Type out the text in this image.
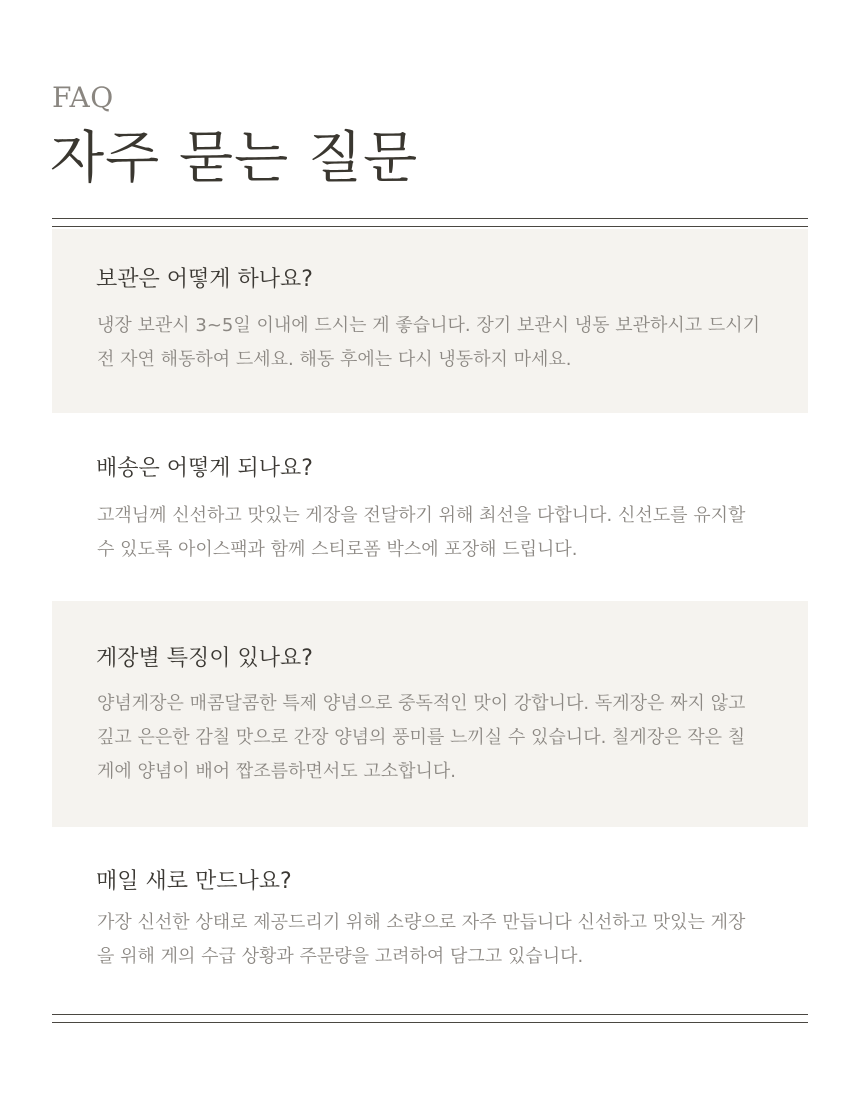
FAQ
자주 묻는 질문
보관은 어떻게 하나요?
냉장 보관시 3~5일 이내에 드시는 게 좋습니다. 장기 보관시 냉동 보관하시고 드시기 전 자연 해동하여 드세요. 해동 후에는 다시 냉동하지 마세요.
배송은 어떻게 되나요?
고객님께 신선하고 맛있는 게장을 전달하기 위해 최선을 다합니다. 신선도를 유지할 수 있도록 아이스팩과 함께 스티로폼 박스에 포장해 드립니다.
게장별 특징이 있나요?
양념게장은 매콤달콤한 특제 양념으로 중독적인 맛이 강합니다. 독게장은 짜지 않고 깊고 은은한 감칠 맛으로 간장 양념의 풍미를 느끼실 수 있습니다. 칠게장은 작은 칠게에 양념이 배어 짭조름하면서도 고소합니다.
매일 새로 만드나요?
가장 신선한 상태로 제공드리기 위해 소량으로 자주 만듭니다 신선하고 맛있는 게장을 위해 게의 수급 상황과 주문량을 고려하여 담그고 있습니다.
